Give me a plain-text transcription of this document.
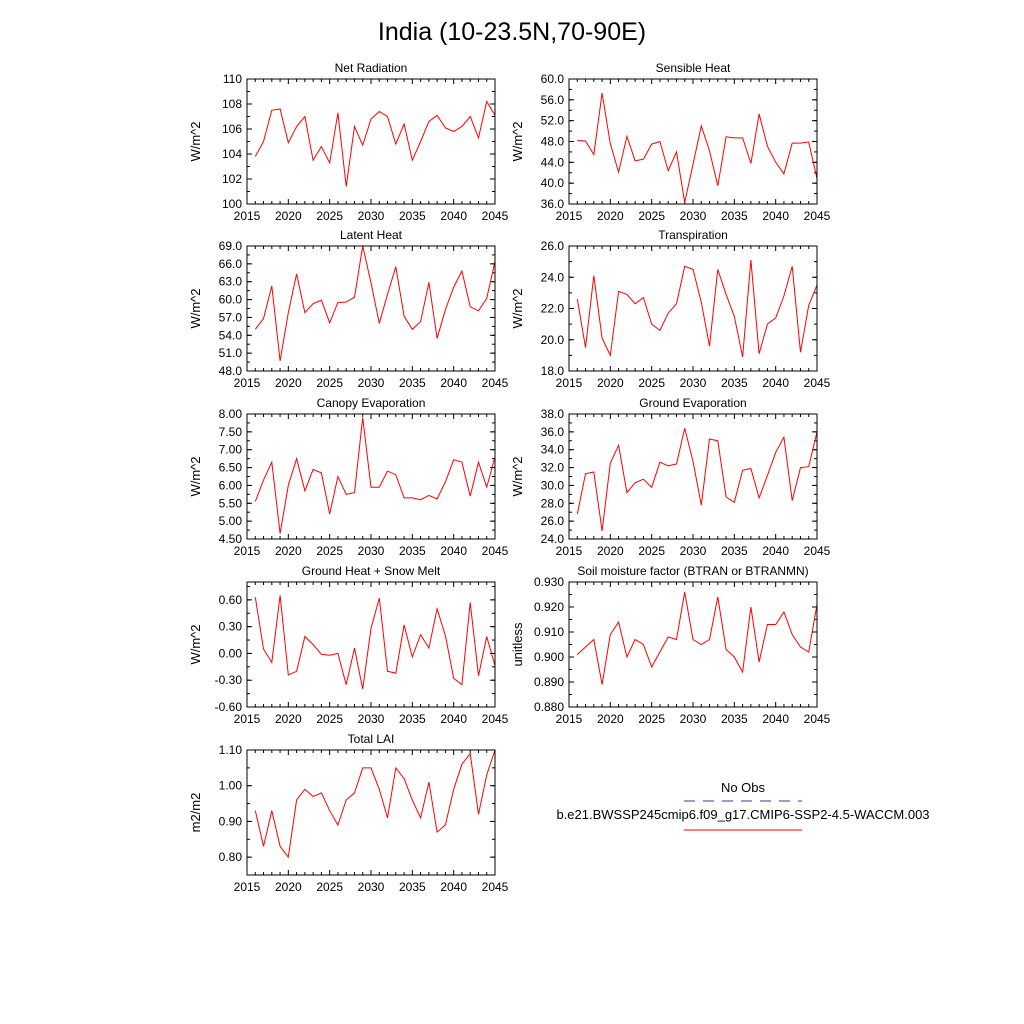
India (10-23.5N,70-90E)
Net Radiation
100
102
104
106
108
110
2015 2020 2025 2030 2035 2040 2045
W/m^2
Sensible Heat
36.0
40.0
44.0
48.0
52.0
56.0
60.0
2015 2020 2025 2030 2035 2040 2045
W/m^2
Latent Heat
48.0
51.0
54.0
57.0
60.0
63.0
66.0
69.0
2015 2020 2025 2030 2035 2040 2045
W/m^2
Transpiration
18.0
20.0
22.0
24.0
26.0
2015 2020 2025 2030 2035 2040 2045
W/m^2
Canopy Evaporation
4.50
5.00
5.50
6.00
6.50
7.00
7.50
8.00
2015 2020 2025 2030 2035 2040 2045
W/m^2
Ground Evaporation
24.0
26.0
28.0
30.0
32.0
34.0
36.0
38.0
2015 2020 2025 2030 2035 2040 2045
W/m^2
Ground Heat + Snow Melt
-0.60
-0.30
0.00
0.30
0.60
2015 2020 2025 2030 2035 2040 2045
W/m^2
Soil moisture factor (BTRAN or BTRANMN)
0.880
0.890
0.900
0.910
0.920
0.930
2015 2020 2025 2030 2035 2040 2045
unitless
Total LAI
0.80
0.90
1.00
1.10
2015 2020 2025 2030 2035 2040 2045
m2/m2
No Obs
b.e21.BWSSP245cmip6.f09_g17.CMIP6-SSP2-4.5-WACCM.003
